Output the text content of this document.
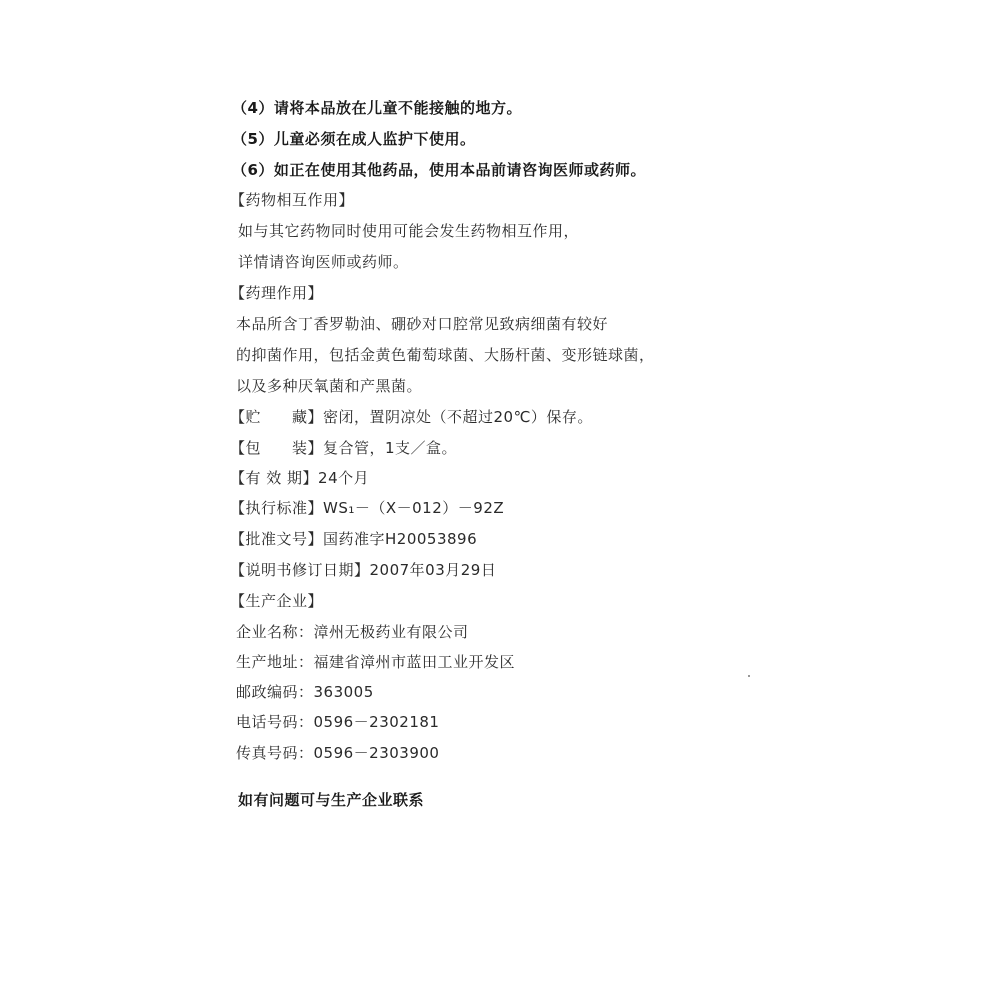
（4）请将本品放在儿童不能接触的地方。
（5）儿童必须在成人监护下使用。
（6）如正在使用其他药品，使用本品前请咨询医师或药师。
【药物相互作用】
如与其它药物同时使用可能会发生药物相互作用，
详情请咨询医师或药师。
【药理作用】
本品所含丁香罗勒油、硼砂对口腔常见致病细菌有较好
的抑菌作用，包括金黄色葡萄球菌、大肠杆菌、变形链球菌，
以及多种厌氧菌和产黑菌。
【贮　　藏】密闭，置阴凉处（不超过20℃）保存。
【包　　装】复合管，1支／盒。
【有 效 期】24个月
【执行标准】WS₁－（X－012）－92Z
【批准文号】国药准字H20053896
【说明书修订日期】2007年03月29日
【生产企业】
企业名称：漳州无极药业有限公司
生产地址：福建省漳州市蓝田工业开发区
邮政编码：363005
电话号码：0596－2302181
传真号码：0596－2303900
如有问题可与生产企业联系
